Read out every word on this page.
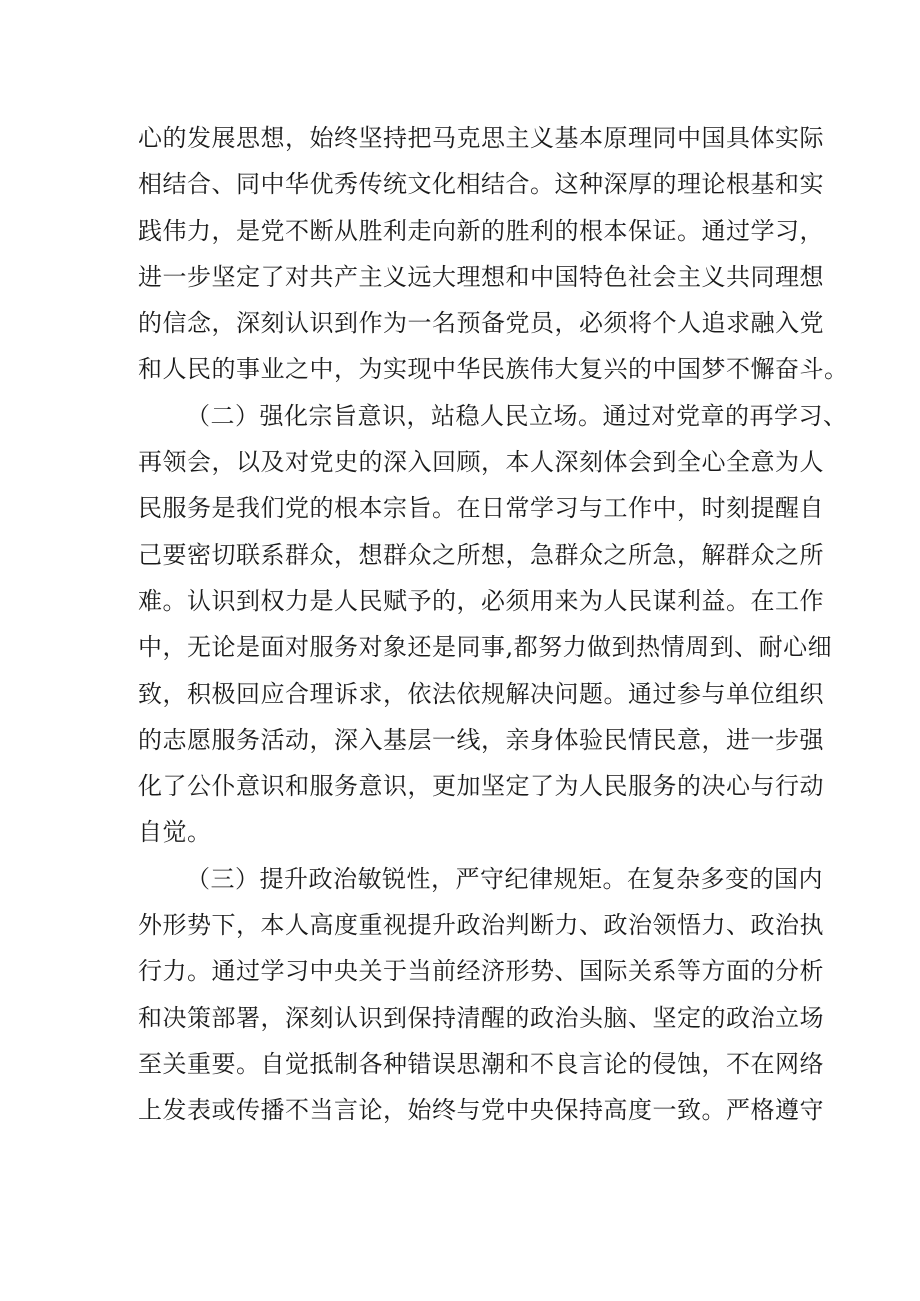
心的发展思想，始终坚持把马克思主义基本原理同中国具体实际
相结合、同中华优秀传统文化相结合。这种深厚的理论根基和实
践伟力，是党不断从胜利走向新的胜利的根本保证。通过学习，
进一步坚定了对共产主义远大理想和中国特色社会主义共同理想
的信念，深刻认识到作为一名预备党员，必须将个人追求融入党
和人民的事业之中，为实现中华民族伟大复兴的中国梦不懈奋斗。
（二）强化宗旨意识，站稳人民立场。通过对党章的再学习、
再领会，以及对党史的深入回顾，本人深刻体会到全心全意为人
民服务是我们党的根本宗旨。在日常学习与工作中，时刻提醒自
己要密切联系群众，想群众之所想，急群众之所急，解群众之所
难。认识到权力是人民赋予的，必须用来为人民谋利益。在工作
中，无论是面对服务对象还是同事,都努力做到热情周到、耐心细
致，积极回应合理诉求，依法依规解决问题。通过参与单位组织
的志愿服务活动，深入基层一线，亲身体验民情民意，进一步强
化了公仆意识和服务意识，更加坚定了为人民服务的决心与行动
自觉。
（三）提升政治敏锐性，严守纪律规矩。在复杂多变的国内
外形势下，本人高度重视提升政治判断力、政治领悟力、政治执
行力。通过学习中央关于当前经济形势、国际关系等方面的分析
和决策部署，深刻认识到保持清醒的政治头脑、坚定的政治立场
至关重要。自觉抵制各种错误思潮和不良言论的侵蚀，不在网络
上发表或传播不当言论，始终与党中央保持高度一致。严格遵守
